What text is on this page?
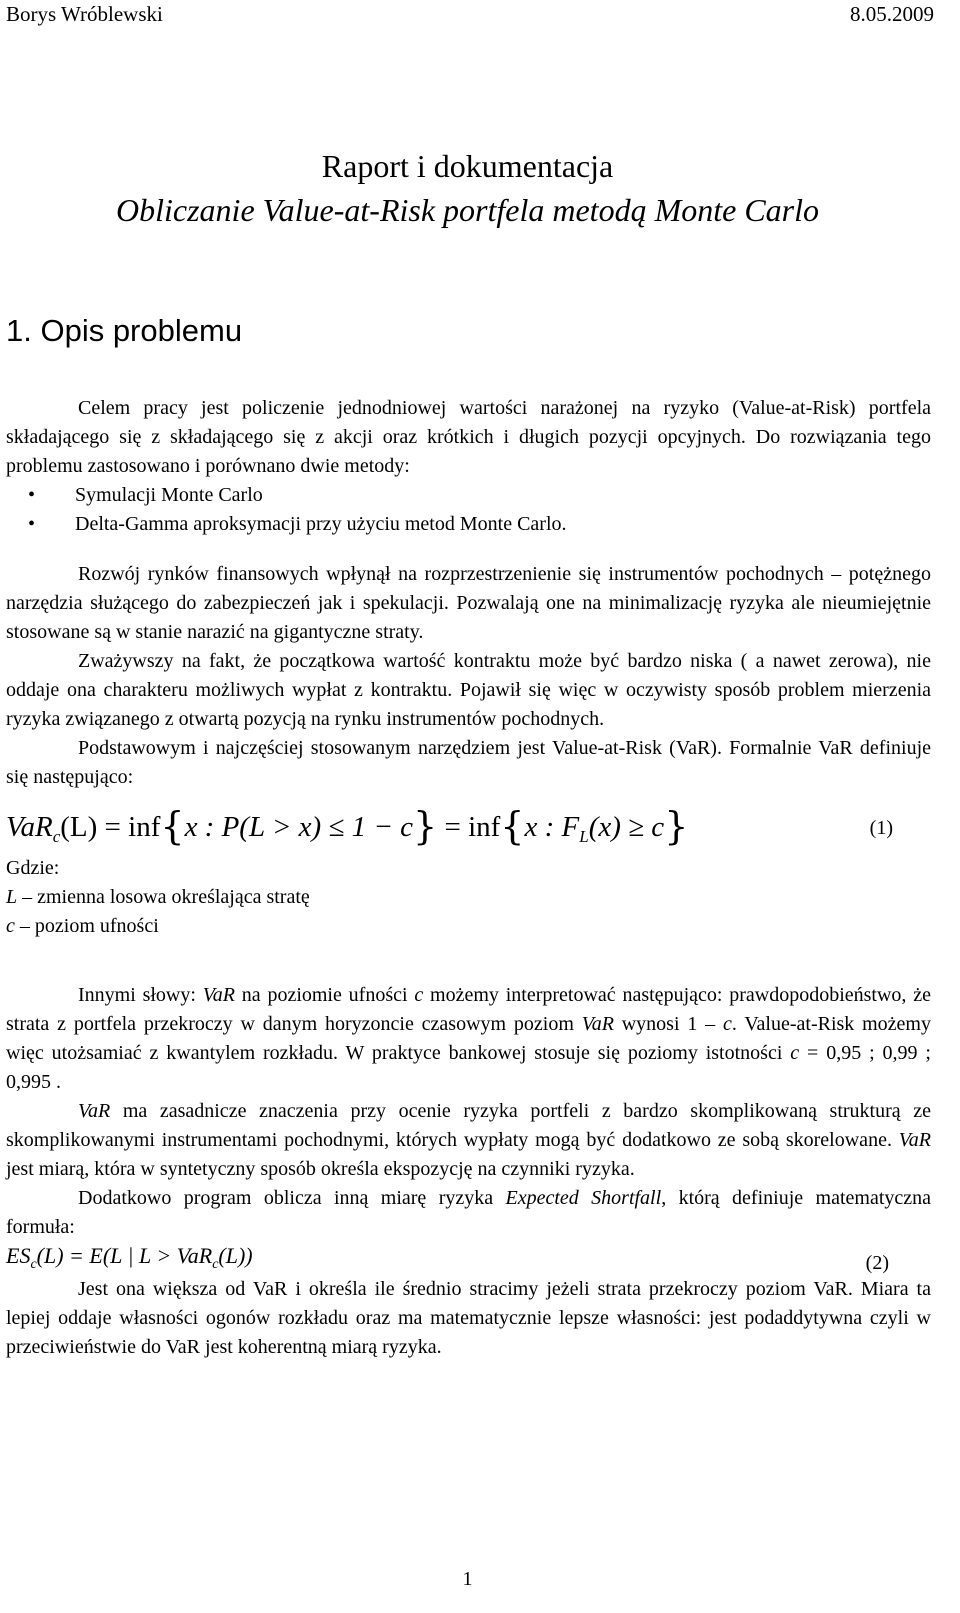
Borys Wróblewski	8.05.2009
Raport i dokumentacja
Obliczanie Value-at-Risk portfela metodą Monte Carlo
1. Opis problemu

Celem pracy jest policzenie jednodniowej wartości narażonej na ryzyko (Value-at-Risk) portfela składającego się z składającego się z akcji oraz krótkich i długich pozycji opcyjnych. Do rozwiązania tego problemu zastosowano i porównano dwie metody:

• Symulacji Monte Carlo
• Delta-Gamma aproksymacji przy użyciu metod Monte Carlo.

Rozwój rynków finansowych wpłynął na rozprzestrzenienie się instrumentów pochodnych – potężnego narzędzia służącego do zabezpieczeń jak i spekulacji. Pozwalają one na minimalizację ryzyka ale nieumiejętnie stosowane są w stanie narazić na gigantyczne straty.

Zważywszy na fakt, że początkowa wartość kontraktu może być bardzo niska ( a nawet zerowa), nie oddaje ona charakteru możliwych wypłat z kontraktu. Pojawił się więc w oczywisty sposób problem mierzenia ryzyka związanego z otwartą pozycją na rynku instrumentów pochodnych.

Podstawowym i najczęściej stosowanym narzędziem jest Value-at-Risk (VaR). Formalnie VaR definiuje się następująco:

VaR$_c$(L) = inf{x : P(L > x) ≤ 1 − c} = inf{x : $F_L(x) \ge c$}	(1)
Gdzie:
L – zmienna losowa określająca stratę
c – poziom ufności

Innymi słowy: VaR na poziomie ufności c możemy interpretować następująco: prawdopodobieństwo, że strata z portfela przekroczy w danym horyzoncie czasowym poziom VaR wynosi 1 – c. Value-at-Risk możemy więc utożsamiać z kwantylem rozkładu. W praktyce bankowej stosuje się poziomy istotności c = 0,95 ; 0,99 ; 0,995 .

VaR ma zasadnicze znaczenia przy ocenie ryzyka portfeli z bardzo skomplikowaną strukturą ze skomplikowanymi instrumentami pochodnymi, których wypłaty mogą być dodatkowo ze sobą skorelowane. VaR jest miarą, która w syntetyczny sposób określa ekspozycję na czynniki ryzyka.

Dodatkowo program oblicza inną miarę ryzyka Expected Shortfall, którą definiuje matematyczna formuła:

$ES_c(L) = E(L$ | L > VaR$_c$(L))	(2)

Jest ona większa od VaR i określa ile średnio stracimy jeżeli strata przekroczy poziom VaR. Miara ta lepiej oddaje własności ogonów rozkładu oraz ma matematycznie lepsze własności: jest podaddytywna czyli w przeciwieństwie do VaR jest koherentną miarą ryzyka.

1
